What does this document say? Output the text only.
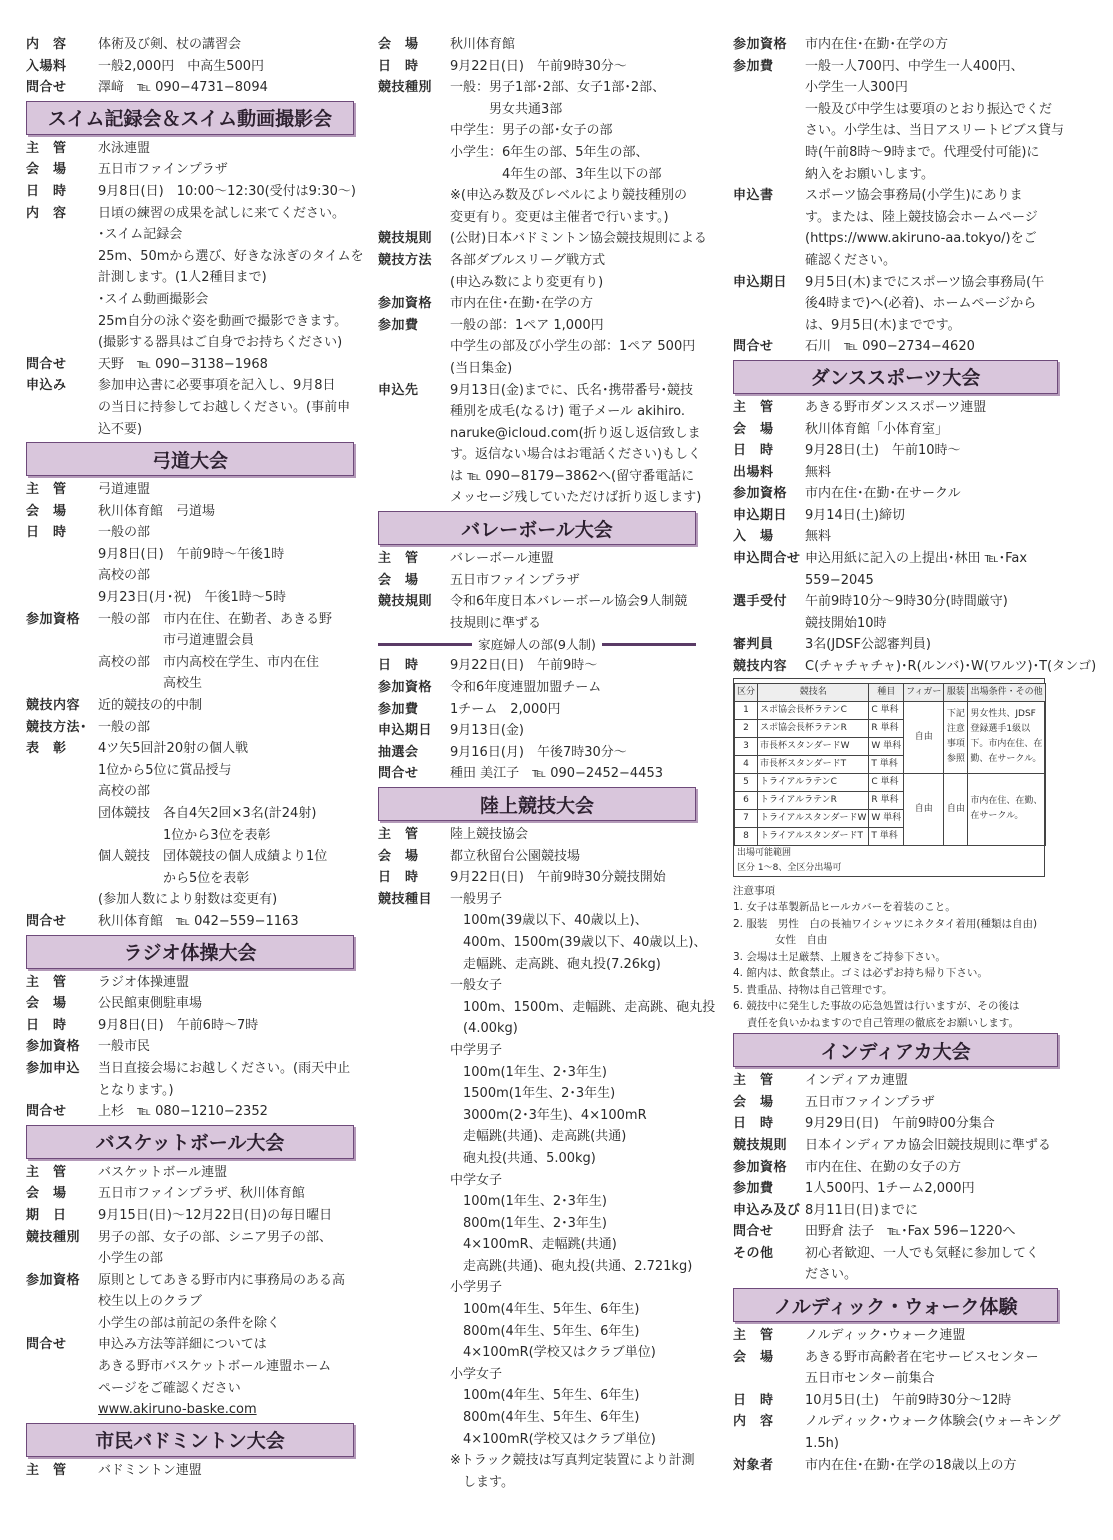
内　容	体術及び剣、杖の講習会
入場料	一般2,000円　中高生500円
問合せ	澤﨑　℡ 090−4731−8094
スイム記録会＆スイム動画撮影会
主　管	水泳連盟
会　場	五日市ファインプラザ
日　時	9月8日(日)　10:00〜12:30(受付は9:30〜)
内　容	日頃の練習の成果を試しに来てください。
･スイム記録会
25m、50mから選び、好きな泳ぎのタイムを
計測します。(1人2種目まで)
･スイム動画撮影会
25m自分の泳ぐ姿を動画で撮影できます。
(撮影する器具はご自身でお持ちください)
問合せ	天野　℡ 090−3138−1968
申込み	参加申込書に必要事項を記入し、9月8日
の当日に持参してお越しください。(事前申
込不要)
弓道大会
主　管	弓道連盟
会　場	秋川体育館　弓道場
日　時	一般の部
9月8日(日)　午前9時〜午後1時
高校の部
9月23日(月･祝)　午後1時〜5時
参加資格	一般の部　市内在住、在勤者、あきる野
　　　　　市弓道連盟会員
高校の部　市内高校在学生、市内在住
　　　　　高校生
競技内容	近的競技の的中制
競技方法･ 一般の部
表　彰	4ツ矢5回計20射の個人戦
1位から5位に賞品授与
高校の部
団体競技　各自4矢2回×3名(計24射)
　　　　　1位から3位を表彰
個人競技　団体競技の個人成績より1位
　　　　　から5位を表彰
(参加人数により射数は変更有)
問合せ	秋川体育館　℡ 042−559−1163
ラジオ体操大会
主　管	ラジオ体操連盟
会　場	公民館東側駐車場
日　時	9月8日(日)　午前6時〜7時
参加資格	一般市民
参加申込	当日直接会場にお越しください。(雨天中止
となります。)
問合せ	上杉　℡ 080−1210−2352
バスケットボール大会
主　管	バスケットボール連盟
会　場	五日市ファインプラザ、秋川体育館
期　日	9月15日(日)〜12月22日(日)の毎日曜日
競技種別	男子の部、女子の部、シニア男子の部、
小学生の部
参加資格	原則としてあきる野市内に事務局のある高
校生以上のクラブ
小学生の部は前記の条件を除く
問合せ	申込み方法等詳細については
あきる野市バスケットボール連盟ホーム
ページをご確認ください
www.akiruno-baske.com
市民バドミントン大会
主　管	バドミントン連盟
会　場	秋川体育館
日　時	9月22日(日)　午前9時30分〜
競技種別	一般：男子1部･2部、女子1部･2部、
　　　男女共通3部
中学生：男子の部･女子の部
小学生：6年生の部、5年生の部、
　　　　4年生の部、3年生以下の部
※(申込み数及びレベルにより競技種別の
変更有り。変更は主催者で行います。)
競技規則	(公財)日本バドミントン協会競技規則による
競技方法	各部ダブルスリーグ戦方式
(申込み数により変更有り)
参加資格	市内在住･在勤･在学の方
参加費	一般の部：1ペア 1,000円
中学生の部及び小学生の部：1ペア 500円
(当日集金)
申込先	9月13日(金)までに、氏名･携帯番号･競技
種別を成毛(なるけ) 電子メール akihiro.
naruke@icloud.com(折り返し返信致しま
す。返信ない場合はお電話ください)もしく
は ℡ 090−8179−3862へ(留守番電話に
メッセージ残していただけば折り返します)
バレーボール大会
主　管	バレーボール連盟
会　場	五日市ファインプラザ
競技規則	令和6年度日本バレーボール協会9人制競
技規則に準ずる
家庭婦人の部(9人制)
日　時	9月22日(日)　午前9時〜
参加資格	令和6年度連盟加盟チーム
参加費	1チーム　2,000円
申込期日	9月13日(金)
抽選会	9月16日(月)　午後7時30分〜
問合せ	種田 美江子　℡ 090−2452−4453
陸上競技大会
主　管	陸上競技協会
会　場	都立秋留台公園競技場
日　時	9月22日(日)　午前9時30分競技開始
競技種目	一般男子
　100m(39歳以下、40歳以上)、
　400m、1500m(39歳以下、40歳以上)、
　走幅跳、走高跳、砲丸投(7.26kg)
一般女子
　100m、1500m、走幅跳、走高跳、砲丸投
　(4.00kg)
中学男子
　100m(1年生、2･3年生)
　1500m(1年生、2･3年生)
　3000m(2･3年生)、4×100mR
　走幅跳(共通)、走高跳(共通)
　砲丸投(共通、5.00kg)
中学女子
　100m(1年生、2･3年生)
　800m(1年生、2･3年生)
　4×100mR、走幅跳(共通)
　走高跳(共通)、砲丸投(共通、2.721kg)
小学男子
　100m(4年生、5年生、6年生)
　800m(4年生、5年生、6年生)
　4×100mR(学校又はクラブ単位)
小学女子
　100m(4年生、5年生、6年生)
　800m(4年生、5年生、6年生)
　4×100mR(学校又はクラブ単位)
※トラック競技は写真判定装置により計測
　します。
参加資格	市内在住･在勤･在学の方
参加費	一般一人700円、中学生一人400円、
小学生一人300円
一般及び中学生は要項のとおり振込でくだ
さい。小学生は、当日アスリートビブス貸与
時(午前8時〜9時まで。代理受付可能)に
納入をお願いします。
申込書	スポーツ協会事務局(小学生)にありま
す。または、陸上競技協会ホームページ
(https://www.akiruno-aa.tokyo/)をご
確認ください。
申込期日	9月5日(木)までにスポーツ協会事務局(午
後4時まで)へ(必着)、ホームページから
は、9月5日(木)までです。
問合せ	石川　℡ 090−2734−4620
ダンススポーツ大会
主　管	あきる野市ダンススポーツ連盟
会　場	秋川体育館「小体育室」
日　時	9月28日(土)　午前10時〜
出場料	無料
参加資格	市内在住･在勤･在サークル
申込期日	9月14日(土)締切
入　場	無料
申込問合せ 申込用紙に記入の上提出･林田 ℡･Fax
559−2045
選手受付	午前9時10分〜9時30分(時間厳守)
競技開始10時
審判員	3名(JDSF公認審判員)
競技内容	C(チャチャチャ)･R(ルンバ)･W(ワルツ)･T(タンゴ)
区分	競技名	種目	フィガー	服装	出場条件・その他
1	スポ協会長杯ラテンC	C 単科	自由	下記注意事項参照	男女性共、JDSF登録選手1級以下。市内在住、在勤、在サークル。
2	スポ協会長杯ラテンR	R 単科			
3	市長杯スタンダードW	W 単科			
4	市長杯スタンダードT	T 単科			
5	トライアルラテンC	C 単科	自由	自由	市内在住、在勤、在サークル。
6	トライアルラテンR	R 単科			
7	トライアルスタンダードW	W 単科			
8	トライアルスタンダードT	T 単科			
出場可能範囲
区分 1〜8、全区分出場可
注意事項
1. 女子は革製新品ヒールカバーを着装のこと。
2. 服装　男性　白の長袖ワイシャツにネクタイ着用(種類は自由)
　　　　女性　自由
3. 会場は土足厳禁、上履きをご持参下さい。
4. 館内は、飲食禁止。ゴミは必ずお持ち帰り下さい。
5. 貴重品、持物は自己管理です。
6. 競技中に発生した事故の応急処置は行いますが、その後は
　 責任を負いかねますので自己管理の徹底をお願いします。
インディアカ大会
主　管	インディアカ連盟
会　場	五日市ファインプラザ
日　時	9月29日(日)　午前9時00分集合
競技規則	日本インディアカ協会旧競技規則に準ずる
参加資格	市内在住、在勤の女子の方
参加費	1人500円、1チーム2,000円
申込み及び 8月11日(日)までに
問合せ	田野倉 法子　℡･Fax 596−1220へ
その他	初心者歓迎、一人でも気軽に参加してく
ださい。
ノルディック・ウォーク体験
主　管	ノルディック･ウォーク連盟
会　場	あきる野市高齢者在宅サービスセンター
五日市センター前集合
日　時	10月5日(土)　午前9時30分〜12時
内　容	ノルディック･ウォーク体験会(ウォーキング
1.5h)
対象者	市内在住･在勤･在学の18歳以上の方
